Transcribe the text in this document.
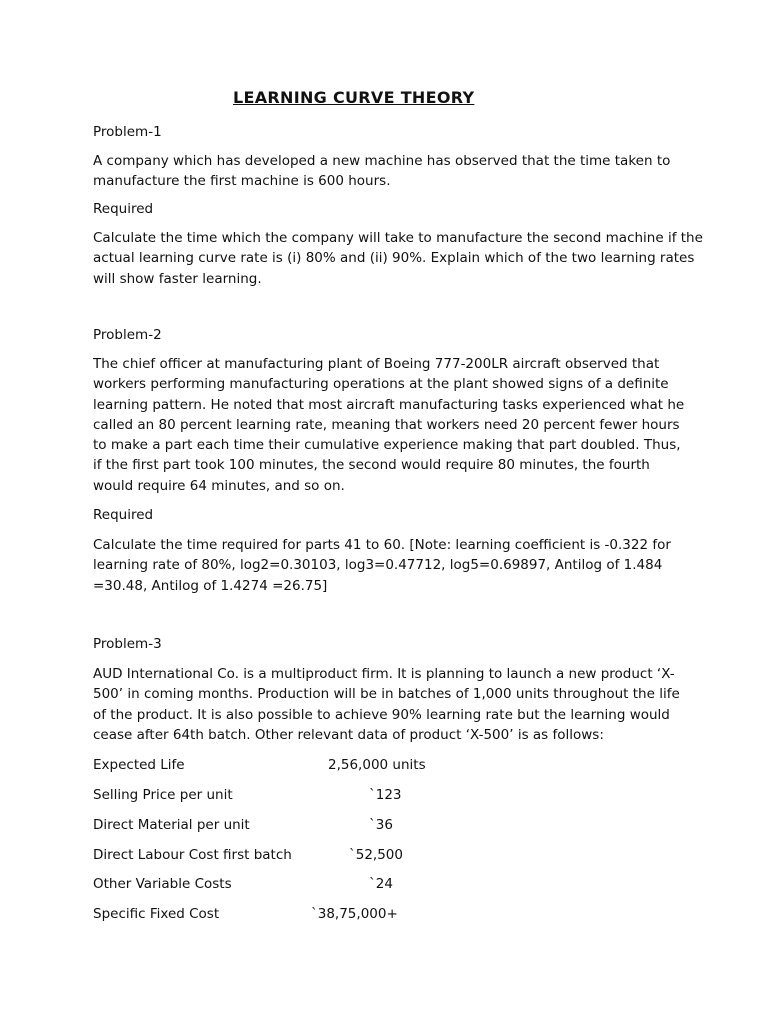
LEARNING CURVE THEORY
Problem-1
A company which has developed a new machine has observed that the time taken to
manufacture the first machine is 600 hours.
Required
Calculate the time which the company will take to manufacture the second machine if the
actual learning curve rate is (i) 80% and (ii) 90%. Explain which of the two learning rates
will show faster learning.
Problem-2
The chief officer at manufacturing plant of Boeing 777-200LR aircraft observed that
workers performing manufacturing operations at the plant showed signs of a definite
learning pattern. He noted that most aircraft manufacturing tasks experienced what he
called an 80 percent learning rate, meaning that workers need 20 percent fewer hours
to make a part each time their cumulative experience making that part doubled. Thus,
if the first part took 100 minutes, the second would require 80 minutes, the fourth
would require 64 minutes, and so on.
Required
Calculate the time required for parts 41 to 60. [Note: learning coefficient is -0.322 for
learning rate of 80%, log2=0.30103, log3=0.47712, log5=0.69897, Antilog of 1.484
=30.48, Antilog of 1.4274 =26.75]
Problem-3
AUD International Co. is a multiproduct firm. It is planning to launch a new product ‘X-
500’ in coming months. Production will be in batches of 1,000 units throughout the life
of the product. It is also possible to achieve 90% learning rate but the learning would
cease after 64th batch. Other relevant data of product ‘X-500’ is as follows:
Expected Life	2,56,000 units
Selling Price per unit	`123
Direct Material per unit	`36
Direct Labour Cost first batch	`52,500
Other Variable Costs	`24
Specific Fixed Cost	`38,75,000+
